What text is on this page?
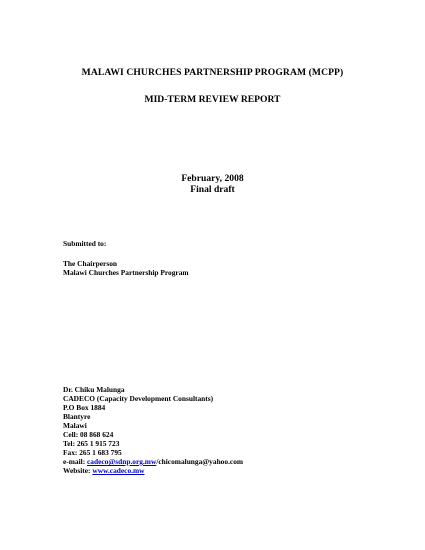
MALAWI CHURCHES PARTNERSHIP PROGRAM (MCPP)
MID-TERM REVIEW REPORT
February, 2008
Final draft
Submitted to:
The Chairperson
Malawi Churches Partnership Program
Dr. Chiku Malunga
CADECO (Capacity Development Consultants)
P.O Box 1884
Blantyre
Malawi
Cell: 08 868 624
Tel: 265 1 915 723
Fax: 265 1 683 795
e-mail: cadeco@sdnp.org.mw/chicomalunga@yahoo.com
Website: www.cadeco.mw
